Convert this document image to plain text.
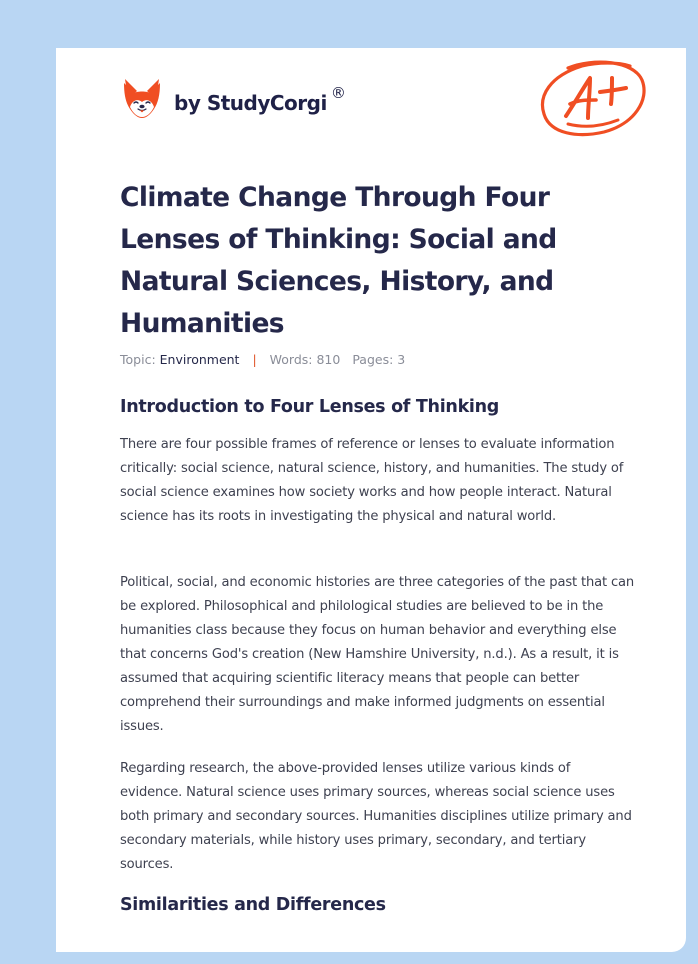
by StudyCorgi ®
Climate Change Through Four Lenses of Thinking: Social and Natural Sciences, History, and Humanities
Topic: Environment | Words: 810 Pages: 3
Introduction to Four Lenses of Thinking

There are four possible frames of reference or lenses to evaluate information critically: social science, natural science, history, and humanities. The study of social science examines how society works and how people interact. Natural science has its roots in investigating the physical and natural world.

Political, social, and economic histories are three categories of the past that can be explored. Philosophical and philological studies are believed to be in the humanities class because they focus on human behavior and everything else that concerns God's creation (New Hamshire University, n.d.). As a result, it is assumed that acquiring scientific literacy means that people can better comprehend their surroundings and make informed judgments on essential issues.

Regarding research, the above-provided lenses utilize various kinds of evidence. Natural science uses primary sources, whereas social science uses both primary and secondary sources. Humanities disciplines utilize primary and secondary materials, while history uses primary, secondary, and tertiary sources.

Similarities and Differences
